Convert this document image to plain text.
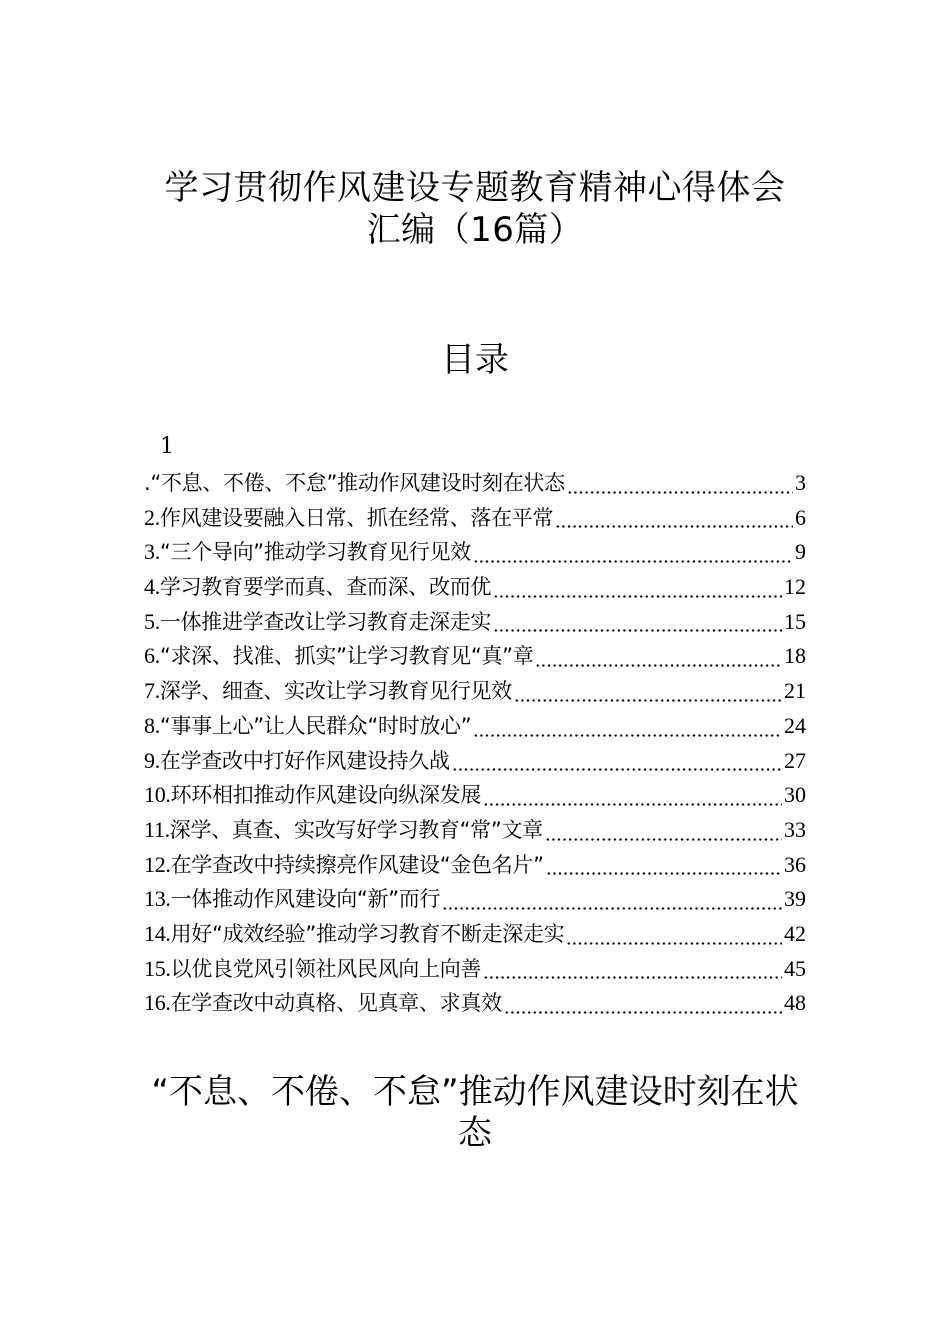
学习贯彻作风建设专题教育精神心得体会
汇编（16篇）
目录
1
.“不息、不倦、不怠”推动作风建设时刻在状态	3
2.作风建设要融入日常、抓在经常、落在平常	6
3.“三个导向”推动学习教育见行见效	9
4.学习教育要学而真、查而深、改而优	12
5.一体推进学查改让学习教育走深走实	15
6.“求深、找准、抓实”让学习教育见“真”章	18
7.深学、细查、实改让学习教育见行见效	21
8.“事事上心”让人民群众“时时放心”	24
9.在学查改中打好作风建设持久战	27
10.环环相扣推动作风建设向纵深发展	30
11.深学、真查、实改写好学习教育“常”文章	33
12.在学查改中持续擦亮作风建设“金色名片”	36
13.一体推动作风建设向“新”而行	39
14.用好“成效经验”推动学习教育不断走深走实	42
15.以优良党风引领社风民风向上向善	45
16.在学查改中动真格、见真章、求真效	48
“不息、不倦、不怠”推动作风建设时刻在状
态
